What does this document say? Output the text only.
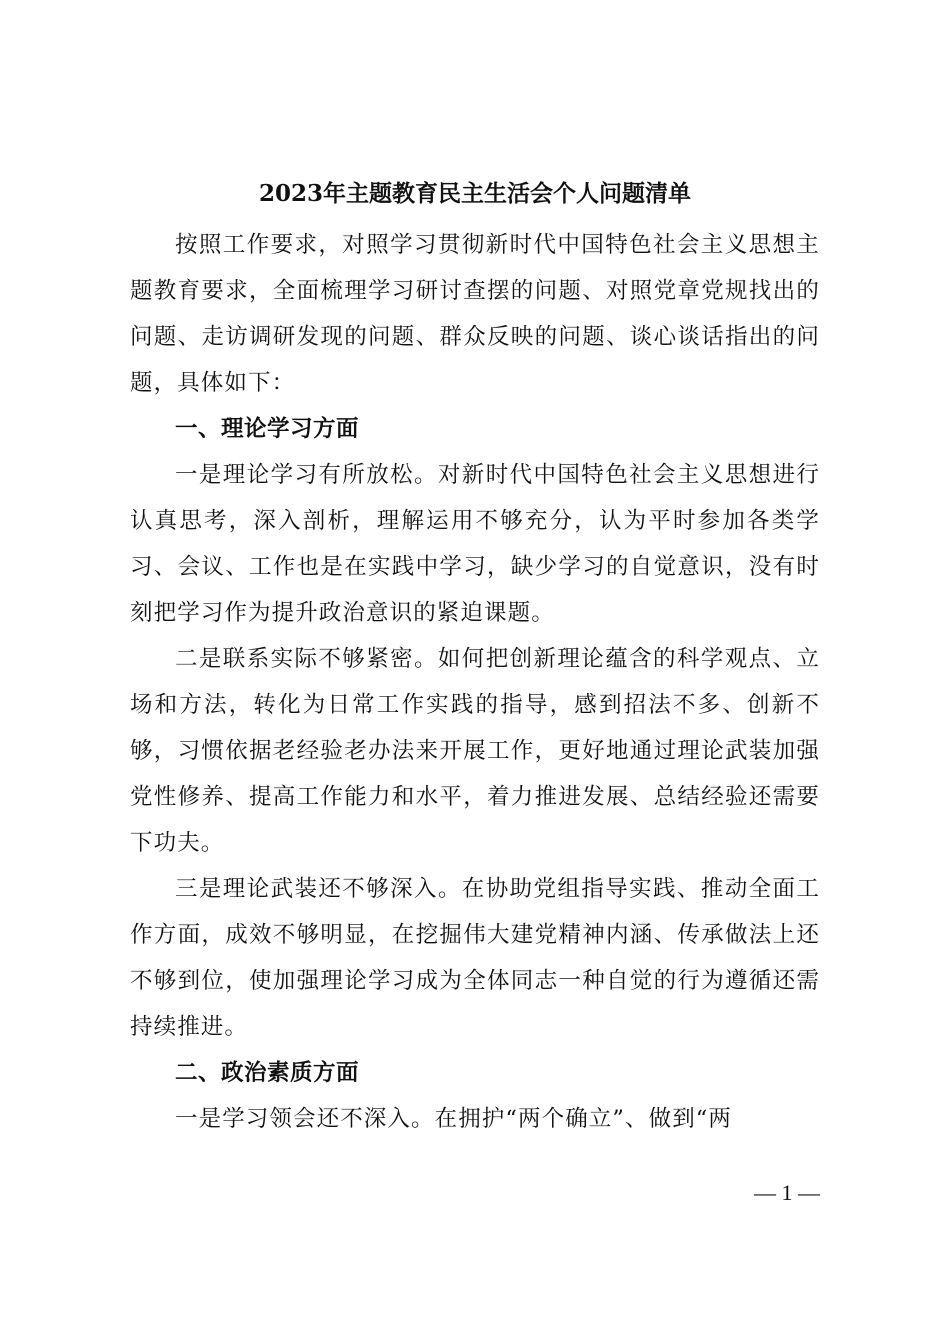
2023年主题教育民主生活会个人问题清单

按照工作要求，对照学习贯彻新时代中国特色社会主义思想主题教育要求，全面梳理学习研讨查摆的问题、对照党章党规找出的问题、走访调研发现的问题、群众反映的问题、谈心谈话指出的问题，具体如下：

一、理论学习方面

一是理论学习有所放松。对新时代中国特色社会主义思想进行认真思考，深入剖析，理解运用不够充分，认为平时参加各类学习、会议、工作也是在实践中学习，缺少学习的自觉意识，没有时刻把学习作为提升政治意识的紧迫课题。

二是联系实际不够紧密。如何把创新理论蕴含的科学观点、立场和方法，转化为日常工作实践的指导，感到招法不多、创新不够，习惯依据老经验老办法来开展工作，更好地通过理论武装加强党性修养、提高工作能力和水平，着力推进发展、总结经验还需要下功夫。

三是理论武装还不够深入。在协助党组指导实践、推动全面工作方面，成效不够明显，在挖掘伟大建党精神内涵、传承做法上还不够到位，使加强理论学习成为全体同志一种自觉的行为遵循还需持续推进。

二、政治素质方面

一是学习领会还不深入。在拥护“两个确立”、做到“两

— 1 —
